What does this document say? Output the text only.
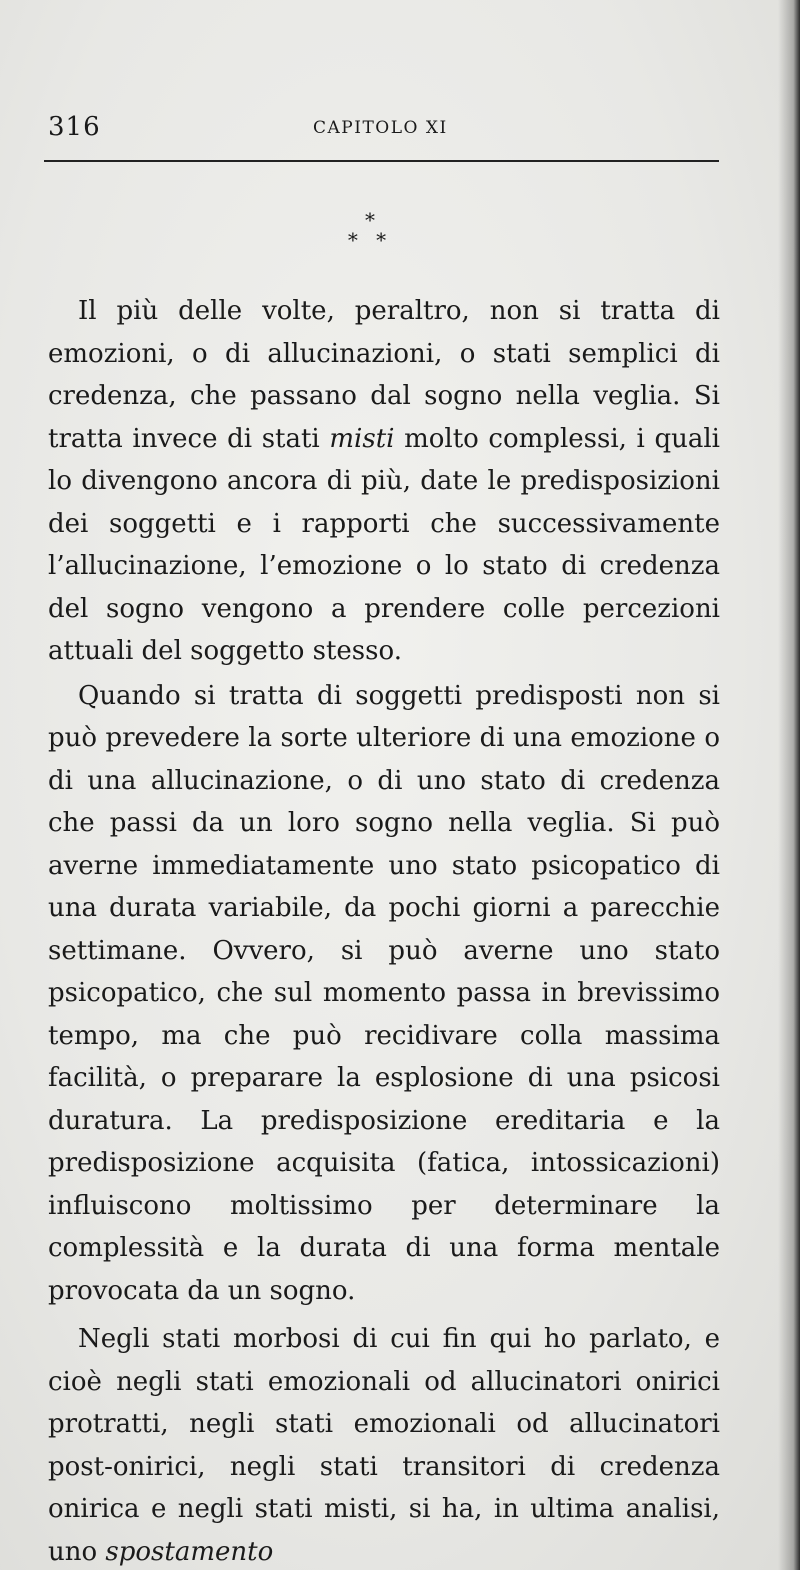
316	CAPITOLO XI
*
* *

Il più delle volte, peraltro, non si tratta di emozioni, o di allucinazioni, o stati semplici di credenza, che passano dal sogno nella veglia. Si tratta invece di stati misti molto complessi, i quali lo divengono ancora di più, date le predisposizioni dei soggetti e i rapporti che successivamente l’allucinazione, l’emozione o lo stato di credenza del sogno vengono a prendere colle percezioni attuali del soggetto stesso.

Quando si tratta di soggetti predisposti non si può prevedere la sorte ulteriore di una emozione o di una allucinazione, o di uno stato di credenza che passi da un loro sogno nella veglia. Si può averne immediatamente uno stato psicopatico di una durata variabile, da pochi giorni a parecchie settimane. Ovvero, si può averne uno stato psicopatico, che sul momento passa in brevissimo tempo, ma che può recidivare colla massima facilità, o preparare la esplosione di una psicosi duratura. La predisposizione ereditaria e la predisposizione acquisita (fatica, intossicazioni) influiscono moltissimo per determinare la complessità e la durata di una forma mentale provocata da un sogno.

Negli stati morbosi di cui fin qui ho parlato, e cioè negli stati emozionali od allucinatori onirici protratti, negli stati emozionali od allucinatori post-onirici, negli stati transitori di credenza onirica e negli stati misti, si ha, in ultima analisi, uno spostamento
